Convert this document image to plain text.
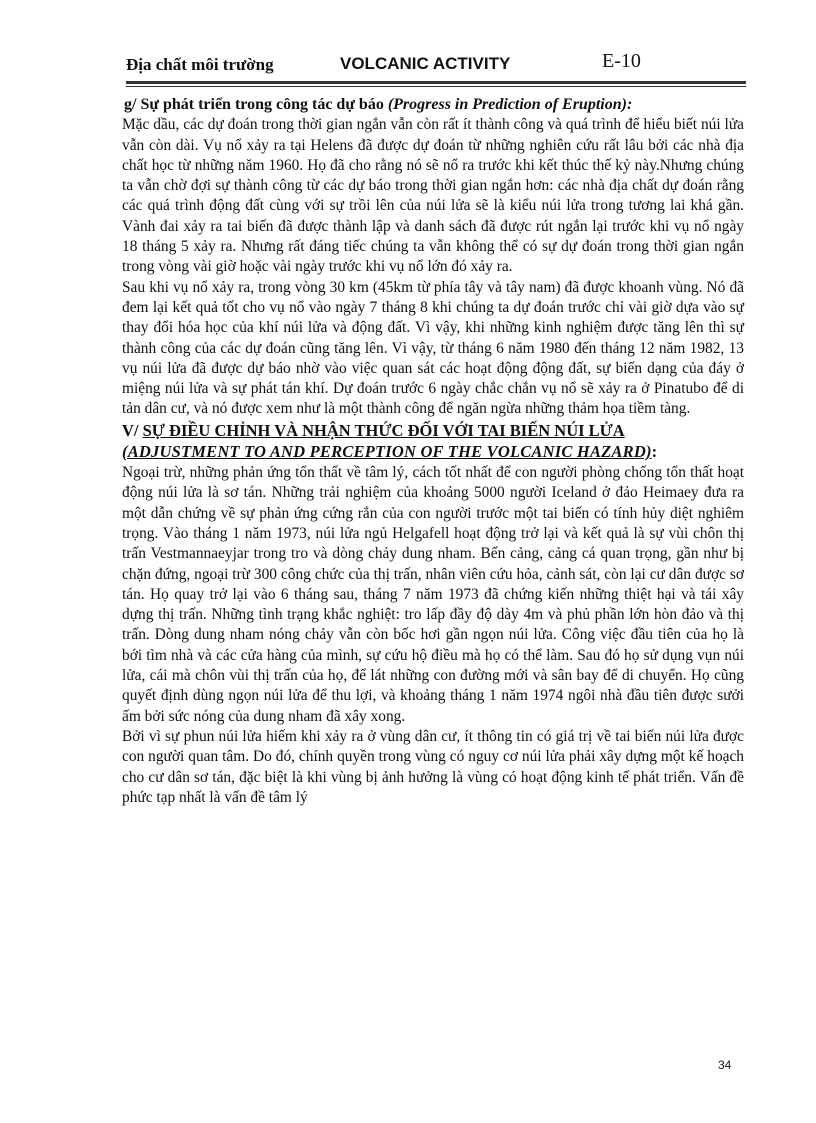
Địa chất môi trường	VOLCANIC ACTIVITY	E-10

g/ Sự phát triển trong công tác dự báo (Progress in Prediction of Eruption):

Mặc dầu, các dự đoán trong thời gian ngắn vẫn còn rất ít thành công và quá trình để hiểu biết núi lửa vẫn còn dài. Vụ nổ xảy ra tại Helens đã được dự đoán từ những nghiên cứu rất lâu bởi các nhà địa chất học từ những năm 1960. Họ đã cho rằng nó sẽ nổ ra trước khi kết thúc thế kỷ này.Nhưng chúng ta vẫn chờ đợi sự thành công từ các dự báo trong thời gian ngắn hơn: các nhà địa chất dự đoán rằng các quá trình động đất cùng với sự trồi lên của núi lửa sẽ là kiểu núi lửa trong tương lai khá gần. Vành đai xảy ra tai biến đã được thành lập và danh sách đã được rút ngắn lại trước khi vụ nổ ngày 18 tháng 5 xảy ra. Nhưng rất đáng tiếc chúng ta vẫn không thể có sự dự đoán trong thời gian ngắn trong vòng vài giờ hoặc vài ngày trước khi vụ nổ lớn đó xảy ra.

Sau khi vụ nổ xảy ra, trong vòng 30 km (45km từ phía tây và tây nam) đã được khoanh vùng. Nó đã đem lại kết quả tốt cho vụ nổ vào ngày 7 tháng 8 khi chúng ta dự đoán trước chỉ vài giờ dựa vào sự thay đổi hóa học của khí núi lửa và động đất. Vì vậy, khi những kinh nghiệm được tăng lên thì sự thành công của các dự đoán cũng tăng lên. Vì vậy, từ tháng 6 năm 1980 đến tháng 12 năm 1982, 13 vụ núi lửa đã được dự báo nhờ vào việc quan sát các hoạt động động đất, sự biến dạng của đáy ở miệng núi lửa và sự phát tán khí. Dự đoán trước 6 ngày chắc chắn vụ nổ sẽ xảy ra ở Pinatubo để di tản dân cư, và nó được xem như là một thành công để ngăn ngừa những thảm họa tiềm tàng.

V/ SỰ ĐIỀU CHỈNH VÀ NHẬN THỨC ĐỐI VỚI TAI BIẾN NÚI LỬA

(ADJUSTMENT TO AND PERCEPTION OF THE VOLCANIC HAZARD):

Ngoại trừ, những phản ứng tổn thất về tâm lý, cách tốt nhất để con người phòng chống tổn thất hoạt động núi lửa là sơ tán. Những trải nghiệm của khoảng 5000 người Iceland ở đảo Heimaey đưa ra một dẫn chứng về sự phản ứng cứng rắn của con người trước một tai biến có tính hủy diệt nghiêm trọng. Vào tháng 1 năm 1973, núi lửa ngủ Helgafell hoạt động trở lại và kết quả là sự vùi chôn thị trấn Vestmannaeyjar trong tro và dòng chảy dung nham. Bến cảng, cảng cá quan trọng, gần như bị chặn đứng, ngoại trừ 300 công chức của thị trấn, nhân viên cứu hỏa, cảnh sát, còn lại cư dân được sơ tán. Họ quay trở lại vào 6 tháng sau, tháng 7 năm 1973 đã chứng kiến những thiệt hại và tái xây dựng thị trấn. Những tình trạng khắc nghiệt: tro lấp đầy độ dày 4m và phủ phần lớn hòn đảo và thị trấn. Dòng dung nham nóng chảy vẫn còn bốc hơi gần ngọn núi lửa. Công việc đầu tiên của họ là bới tìm nhà và các cửa hàng của mình, sự cứu hộ điều mà họ có thể làm. Sau đó họ sử dụng vụn núi lửa, cái mà chôn vùi thị trấn của họ, để lát những con đường mới và sân bay để di chuyển. Họ cũng quyết định dùng ngọn núi lửa để thu lợi, và khoảng tháng 1 năm 1974 ngôi nhà đầu tiên được sưởi ấm bởi sức nóng của dung nham đã xây xong.

Bởi vì sự phun núi lửa hiếm khi xảy ra ở vùng dân cư, ít thông tin có giá trị về tai biến núi lửa được con người quan tâm. Do đó, chính quyền trong vùng có nguy cơ núi lửa phải xây dựng một kế hoạch cho cư dân sơ tán, đặc biệt là khi vùng bị ảnh hưởng là vùng có hoạt động kinh tế phát triển. Vấn đề phức tạp nhất là vấn đề tâm lý

34
